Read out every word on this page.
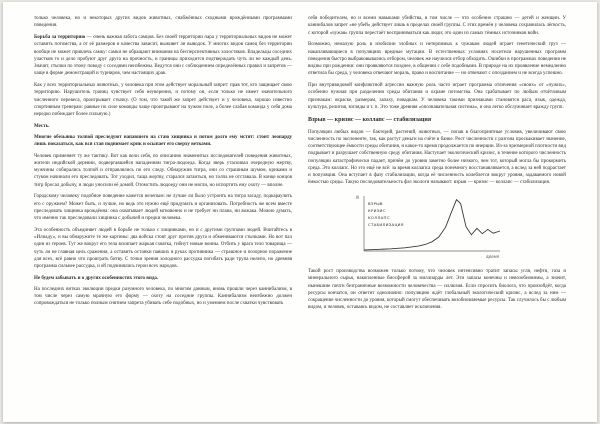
только человека, но и некоторых других видов животных, снабжённых сходными врождёнными программами поведения.

Борьба за территорию — очень важная забота самцов. Без своей территории пара у территориальных видов не может оставить потомства, а от её размеров и качества зависит, выживет ли выводок. У многих видов самец без территории вообще не может привлечь самку: самки не обращают внимания на бесперспективных холостяков. Владельцы соседних участков то и дело пробуют друг друга на прочность, и границы приходится подтверждать чуть ли не каждый день. Значит, стычки по этому поводу с соседями неизбежны. Ведутся они с соблюдением определённых правил и запретов — чаще в форме демонстраций и турниров, чем настоящих драк.

Как у всех территориальных животных, у человека при этом действует моральный запрет: прав тот, кто защищает свою территорию. Нарушитель границ чувствует себя неуверенно, и потому он, если только не имеет значительного численного перевеса, проигрывает стычку. (О том, что такой же запрет действует и у человека, хорошо известно спортивным тренерам: равные по силе команды чаще проигрывают на чужом поле, а более слабая команда у себя дома нередко побеждает более сильную.)

Месть.

Многие обезьяны толпой преследуют напавшего на стаю хищника и потом долго ему мстят: стоит леопарду лишь показаться, как вся стая поднимает крик и осыпает его сверху ветками.

Человек применяет ту же тактику. Вот как вели себя, по описанию знаменитых исследователей поведения животных, жители индийской деревни, подвергавшейся нападениям тигра-людоеда. Когда зверь утаскивал очередную жертву, мужчины собирались толпой и отправлялись по его следу. Обнаружив тигра, они со страшным шумом, криками и стуком начинали его преследовать. Тот уходил, таща жертву, старался затаиться, но толпа не отставала. В конце концов тигр бросал добычу, и люди уносили её домой. Отомстить людоеду они не могли, но испортить ему охоту — вполне.

Городскому человеку подобное поведение кажется нелепым: не лучше ли было устроить на тигра засаду, подкараулить его с оружием? Может быть, и лучше, но ведь это нужно ещё придумать и организовать. Потребность же всем вместе преследовать хищника врождённа: она охватывает людей мгновенно и не требует ни плана, ни вожака. Можно думать, что именно так преследовали хищника с добычей и предки человека.

Эта особенность объединяет людей в борьбе не только с хищниками, но и с другими группами людей. Вчитайтесь в «Илиаду», и вы обнаружите те же картины: два войска стоят друг против друга и обмениваются стычками. Но вот пал один из героев. Тут же вокруг его тела вскипает жаркая схватка, гибнут новые воины. Отбить у врага тело товарища — чуть ли не главная цель сражения, а оставить останки павших в руках противника — страшное и позорное поражение для всех, всё равно что проиграть битву. С точки зрения холодного рассудка погибать ради трупа нелепо, но древняя программа сильнее рассудка, и ей подчинялись герои всех народов.

Не будем забывать и о других особенностях этого вида.

На последних витках эволюции предки разумного человека, по многим данным, вновь прошли через каннибализм, в том числе через самую мрачную его форму — охоту на соседние группы. Каннибализм неизбежно должен сопровождаться не только полным снятием запрета убивать себе подобных, но и умением после схватки чувствовать

себя победителем, но и всеми навыками убийства, в том числе — что особенно страшно — детей и женщин. У каннибалов запрет «не убей» действует лишь в пределах своей группы. С этих времён у человека сохранилась лёгкость, с которой «чужая» группа перестаёт восприниматься как люди; это один из самых тёмных источников войн.

Возможно, немалую роль в изобилии злобных и нетерпимых к чужакам людей играет генетический груз — накапливающиеся в популяциях вредные мутации. В естественных условиях носители нарушенных программ поведения быстро выбраковывались отбором, человек же научился отбор обходить. Ошибки в программах поведения не видны при рождении: они проявляются позднее, в общении с себе подобными. В природе на их проявление немедленно ответила бы среда, у человека отвечают мораль, право и воспитание — но отвечают с опозданием и не всегда успешно.

При внутривидовой конфликтной агрессии важную роль часто играет программа отличения «своих» от «чужих», особенно нужная при разделении среды обитания и охране потомства. Она срабатывает по любым отчётливым признакам: окраске, размерам, запаху, повадкам. У человека такими признаками становятся раса, язык, одежда, культура, религия, взгляды и т. п. Это тоже древняя «опознавательная система», и она легко обслуживает вражду групп.

Взрыв — кризис — коллапс — стабилизация

Популяции любых видов — бактерий, растений, животных, — попав в благоприятные условия, увеличивают свою численность по экспоненте, так, как растут деньги на счёте в банке. Рост численности с разгона проскакивает значение, соответствующее ёмкости среды обитания, и какое-то время продолжается по инерции. Из-за чрезмерной плотности вид подрывает и разрушает собственную среду обитания. Наступает экологический кризис, в течение которого численность популяции катастрофически падает, причём до уровня заметно более низкого, чем тот, который могла бы прокормить среда. Это коллапс. Но это ещё не всё: за время коллапса среда понемногу восстанавливается, а вслед за ней подрастает и популяция. Она вступает в фазу стабилизации, когда её численность колеблется вокруг уровня, задаваемого новой ёмкостью среды. Такую последовательность фаз экологи называют: взрыв — кризис — коллапс — стабилизация.

ВЗРЫВ
КРИЗИС
КОЛЛАПС
СТАБИЛИЗАЦИЯ
N
время

Такой рост производства возможен только потому, что человек интенсивно тратит запасы угля, нефти, газа и минерального сырья, накопленные биосферой за миллиарды лет. Эти запасы конечны и невозобновимы, а значит, нынешние почти безграничные возможности человечества — иллюзия. Если спросить биолога, что произойдёт, когда ресурсы кончатся, он ответит однозначно: популяцию ждёт глобальный экологический кризис, а вслед за ним — сокращение численности до уровня, который смогут обеспечивать возобновляемые ресурсы. Так случилось бы с любым видом, и человек, оставаясь видом, не составляет исключения.
